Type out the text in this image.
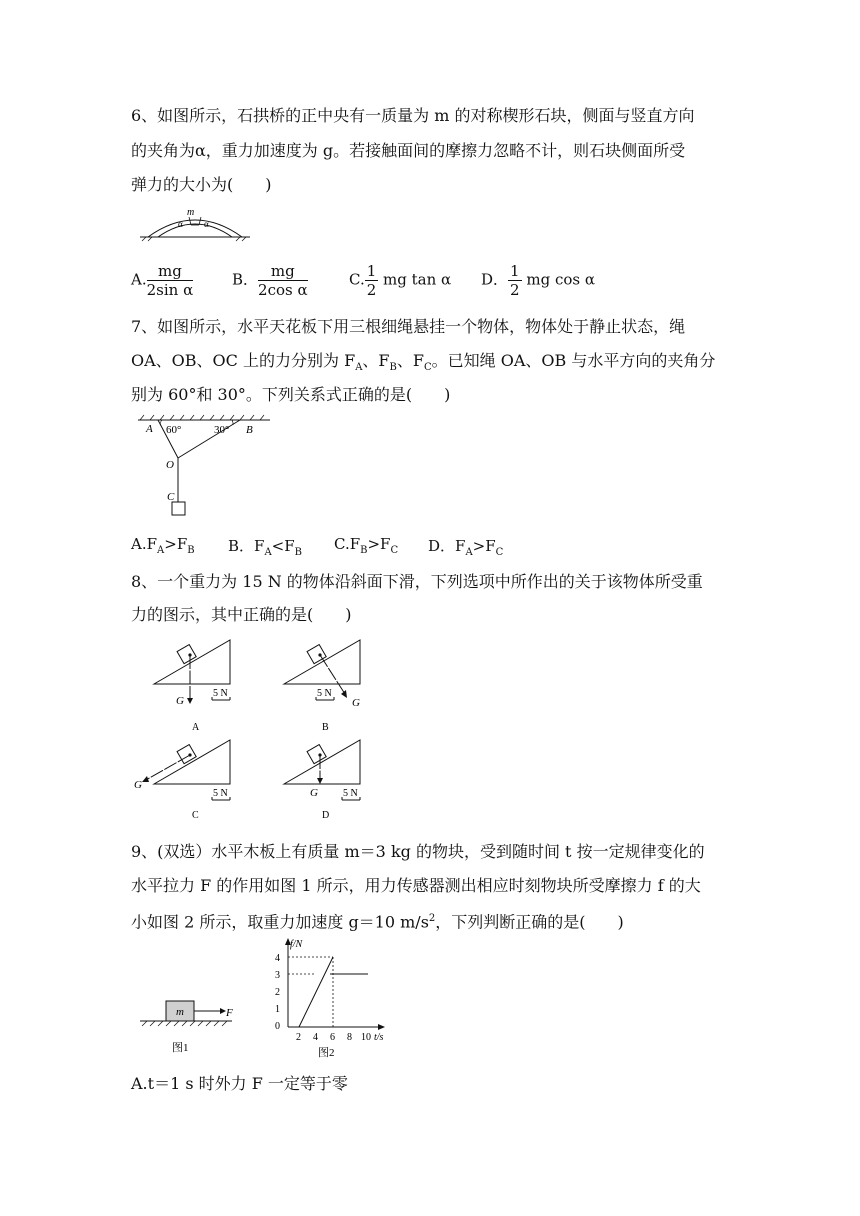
6、如图所示，石拱桥的正中央有一质量为 m 的对称楔形石块，侧面与竖直方向
的夹角为α，重力加速度为 g。若接触面间的摩擦力忽略不计，则石块侧面所受
弹力的大小为(　　)
m
α α
A. $\frac{mg}{\text{2sin α}}$	B． $\frac{mg}{\text{2cos α}}$	C. $\frac{1}{2}$ mg tan α D． $\frac{1}{2}$ mg cos α
7、如图所示，水平天花板下用三根细绳悬挂一个物体，物体处于静止状态，绳
OA、OB、OC 上的力分别为 $F_A$、$F_B$、$F_C$。已知绳 OA、OB 与水平方向的夹角分
别为 60°和 30°。下列关系式正确的是(　　)
A 60°	30° B
O
C
$A.F_A>F_B$ B．$F_A<F_B$ $C.F_B>F_C$ D．$F_A>F_C$
8、一个重力为 15 N 的物体沿斜面下滑，下列选项中所作出的关于该物体所受重
力的图示，其中正确的是(　　)
G
5 N
A
G
5 N
B
G
5 N
C
G	5 N
D
9、(双选）水平木板上有质量 m＝3 kg 的物块，受到随时间 t 按一定规律变化的
水平拉力 F 的作用如图 1 所示，用力传感器测出相应时刻物块所受摩擦力 f 的大
小如图 2 所示，取重力加速度 g＝10 $m/s^2$，下列判断正确的是(　　)
m	F
图1
f/N
t/s
4
3
2
1
0
2 4 6 8 10
图2
A.t＝1 s 时外力 F 一定等于零
